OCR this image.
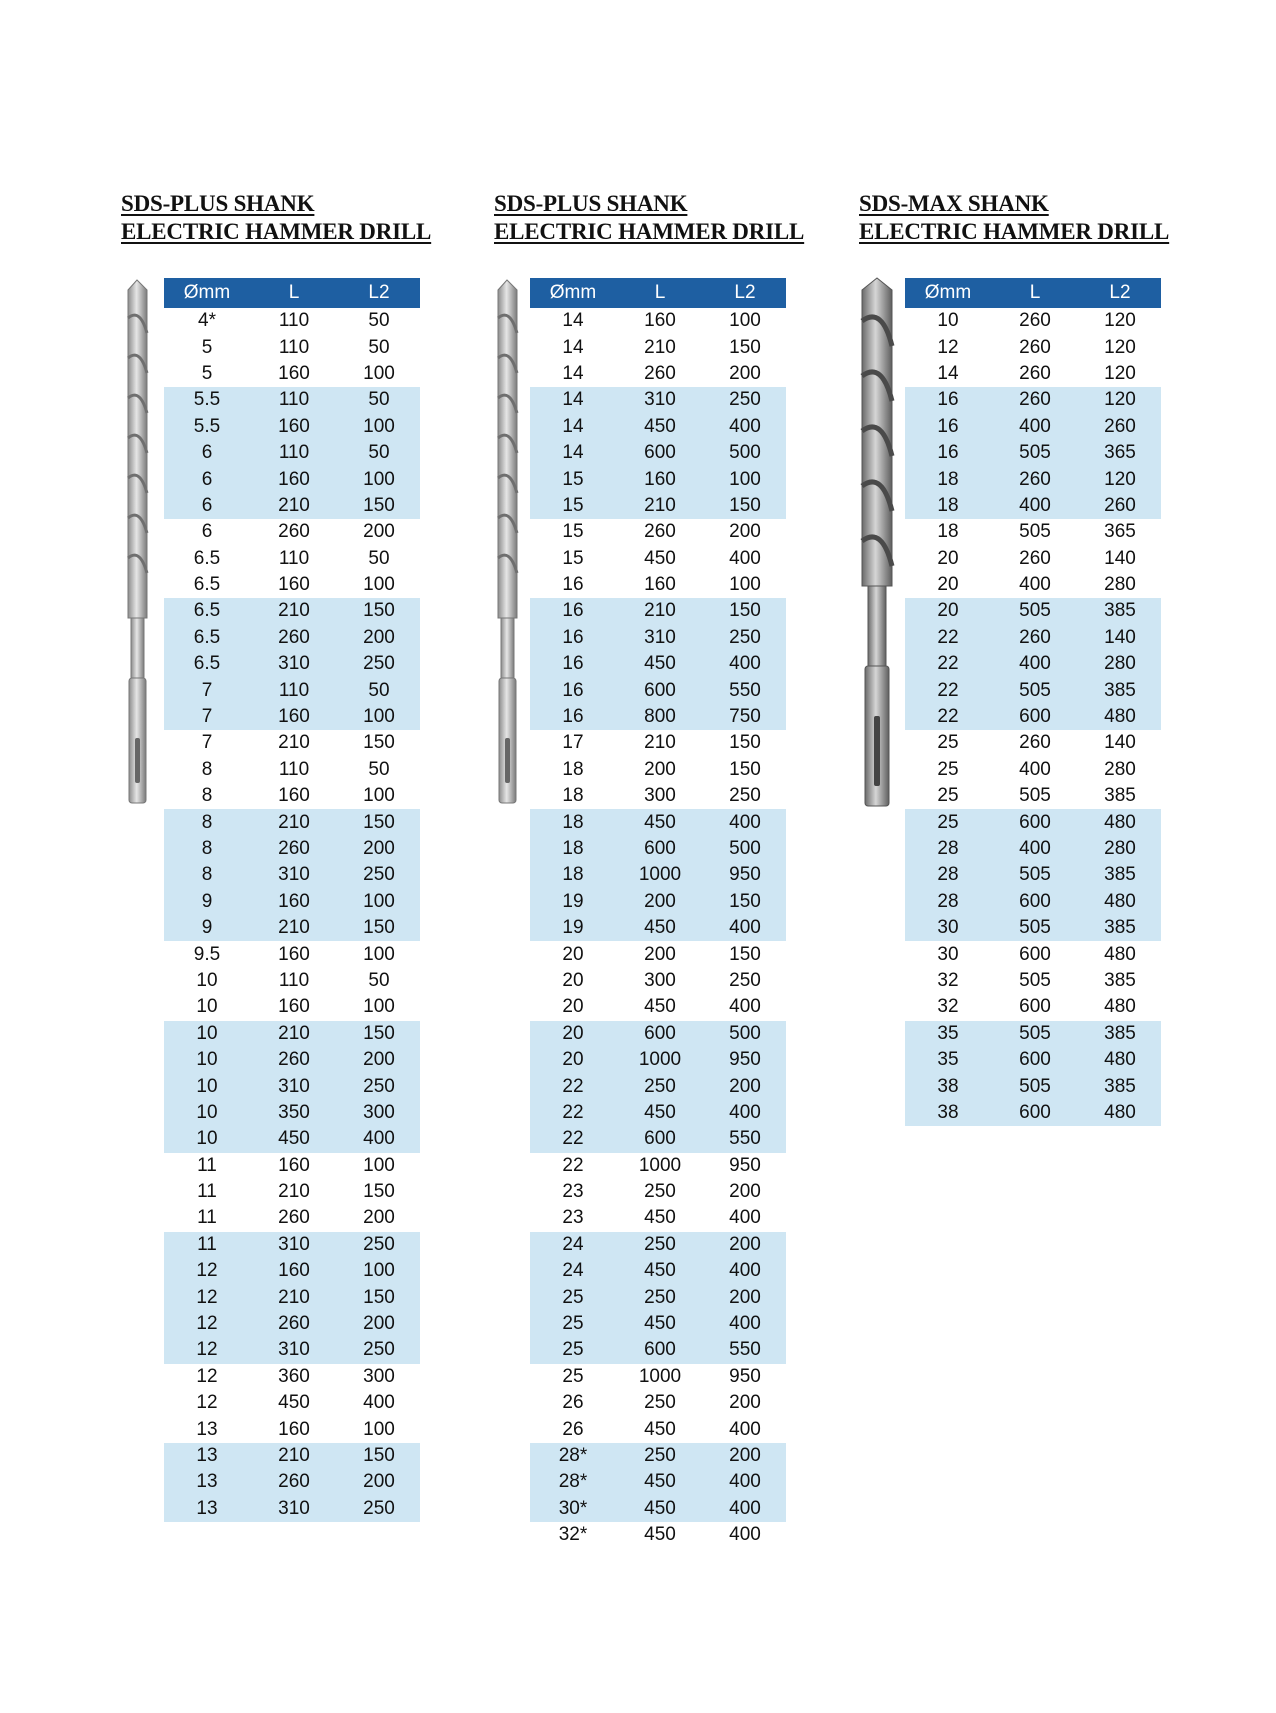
SDS-PLUS SHANK
ELECTRIC HAMMER DRILL
Ømm	L	L2
4*	110	50
5	110	50
5	160	100
5.5	110	50
5.5	160	100
6	110	50
6	160	100
6	210	150
6	260	200
6.5	110	50
6.5	160	100
6.5	210	150
6.5	260	200
6.5	310	250
7	110	50
7	160	100
7	210	150
8	110	50
8	160	100
8	210	150
8	260	200
8	310	250
9	160	100
9	210	150
9.5	160	100
10	110	50
10	160	100
10	210	150
10	260	200
10	310	250
10	350	300
10	450	400
11	160	100
11	210	150
11	260	200
11	310	250
12	160	100
12	210	150
12	260	200
12	310	250
12	360	300
12	450	400
13	160	100
13	210	150
13	260	200
13	310	250
SDS-PLUS SHANK
ELECTRIC HAMMER DRILL
Ømm	L	L2
14	160	100
14	210	150
14	260	200
14	310	250
14	450	400
14	600	500
15	160	100
15	210	150
15	260	200
15	450	400
16	160	100
16	210	150
16	310	250
16	450	400
16	600	550
16	800	750
17	210	150
18	200	150
18	300	250
18	450	400
18	600	500
18	1000	950
19	200	150
19	450	400
20	200	150
20	300	250
20	450	400
20	600	500
20	1000	950
22	250	200
22	450	400
22	600	550
22	1000	950
23	250	200
23	450	400
24	250	200
24	450	400
25	250	200
25	450	400
25	600	550
25	1000	950
26	250	200
26	450	400
28*	250	200
28*	450	400
30*	450	400
32*	450	400
SDS-MAX SHANK
ELECTRIC HAMMER DRILL
Ømm	L	L2
10	260	120
12	260	120
14	260	120
16	260	120
16	400	260
16	505	365
18	260	120
18	400	260
18	505	365
20	260	140
20	400	280
20	505	385
22	260	140
22	400	280
22	505	385
22	600	480
25	260	140
25	400	280
25	505	385
25	600	480
28	400	280
28	505	385
28	600	480
30	505	385
30	600	480
32	505	385
32	600	480
35	505	385
35	600	480
38	505	385
38	600	480
